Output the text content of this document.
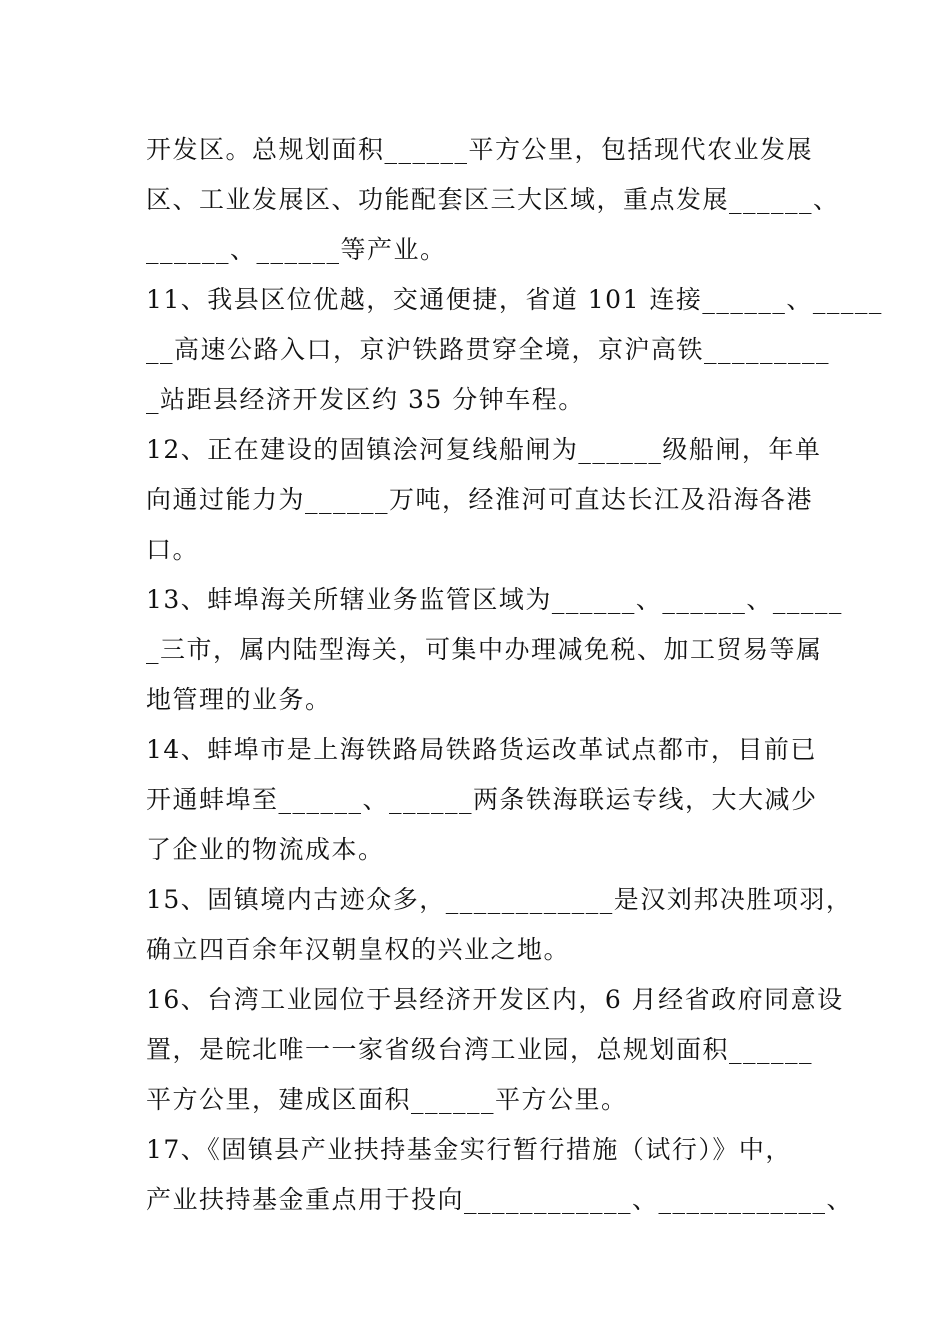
开发区。总规划面积______平方公里，包括现代农业发展
区、工业发展区、功能配套区三大区域，重点发展______、
______、______等产业。
11、我县区位优越，交通便捷，省道 101 连接______、_____
__高速公路入口，京沪铁路贯穿全境，京沪高铁_________
_站距县经济开发区约 35 分钟车程。
12、正在建设的固镇浍河复线船闸为______级船闸，年单
向通过能力为______万吨，经淮河可直达长江及沿海各港
口。
13、蚌埠海关所辖业务监管区域为______、______、_____
_三市，属内陆型海关，可集中办理减免税、加工贸易等属
地管理的业务。
14、蚌埠市是上海铁路局铁路货运改革试点都市，目前已
开通蚌埠至______、______两条铁海联运专线，大大减少
了企业的物流成本。
15、固镇境内古迹众多，____________是汉刘邦决胜项羽，
确立四百余年汉朝皇权的兴业之地。
16、台湾工业园位于县经济开发区内，6 月经省政府同意设
置，是皖北唯一一家省级台湾工业园，总规划面积______
平方公里，建成区面积______平方公里。
17、《固镇县产业扶持基金实行暂行措施（试行）》中，
产业扶持基金重点用于投向____________、____________、
